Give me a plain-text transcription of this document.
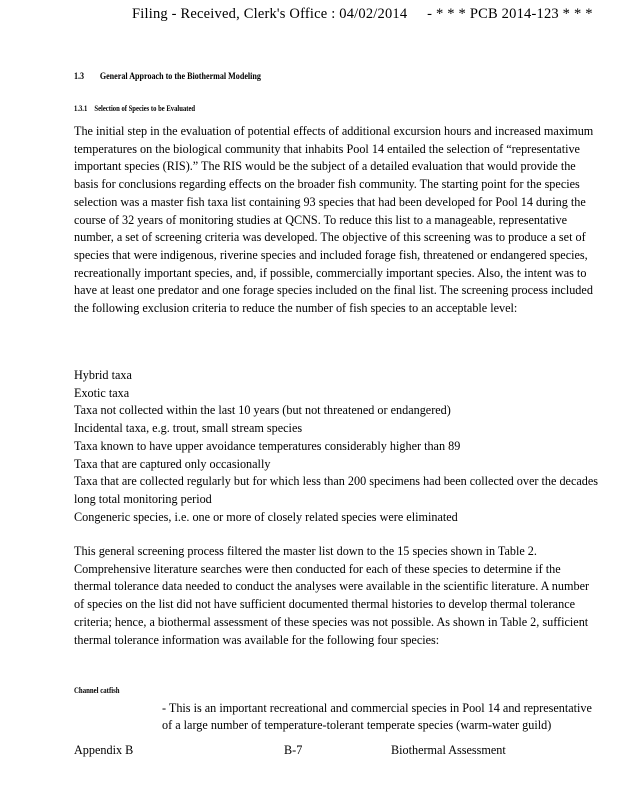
Filing - Received, Clerk's Office : 04/02/2014 - * * * PCB 2014-123 * * *
1.3 General Approach to the Biothermal Modeling
1.3.1 Selection of Species to be Evaluated

The initial step in the evaluation of potential effects of additional excursion hours and increased maximum temperatures on the biological community that inhabits Pool 14 entailed the selection of “representative important species (RIS).” The RIS would be the subject of a detailed evaluation that would provide the basis for conclusions regarding effects on the broader fish community. The starting point for the species selection was a master fish taxa list containing 93 species that had been developed for Pool 14 during the course of 32 years of monitoring studies at QCNS. To reduce this list to a manageable, representative number, a set of screening criteria was developed. The objective of this screening was to produce a set of species that were indigenous, riverine species and included forage fish, threatened or endangered species, recreationally important species, and, if possible, commercially important species. Also, the intent was to have at least one predator and one forage species included on the final list. The screening process included the following exclusion criteria to reduce the number of fish species to an acceptable level:

Hybrid taxa
Exotic taxa
Taxa not collected within the last 10 years (but not threatened or endangered)
Incidental taxa, e.g. trout, small stream species
Taxa known to have upper avoidance temperatures considerably higher than 89
Taxa that are captured only occasionally
Taxa that are collected regularly but for which less than 200 specimens had been collected over the decades long total monitoring period
Congeneric species, i.e. one or more of closely related species were eliminated

This general screening process filtered the master list down to the 15 species shown in Table 2. Comprehensive literature searches were then conducted for each of these species to determine if the thermal tolerance data needed to conduct the analyses were available in the scientific literature. A number of species on the list did not have sufficient documented thermal histories to develop thermal tolerance criteria; hence, a biothermal assessment of these species was not possible. As shown in Table 2, sufficient thermal tolerance information was available for the following four species:

Channel catfish- This is an important recreational and commercial species in Pool 14 and representative of a large number of temperature-tolerant temperate species (warm-water guild)

Appendix B	B-7	Biothermal Assessment
